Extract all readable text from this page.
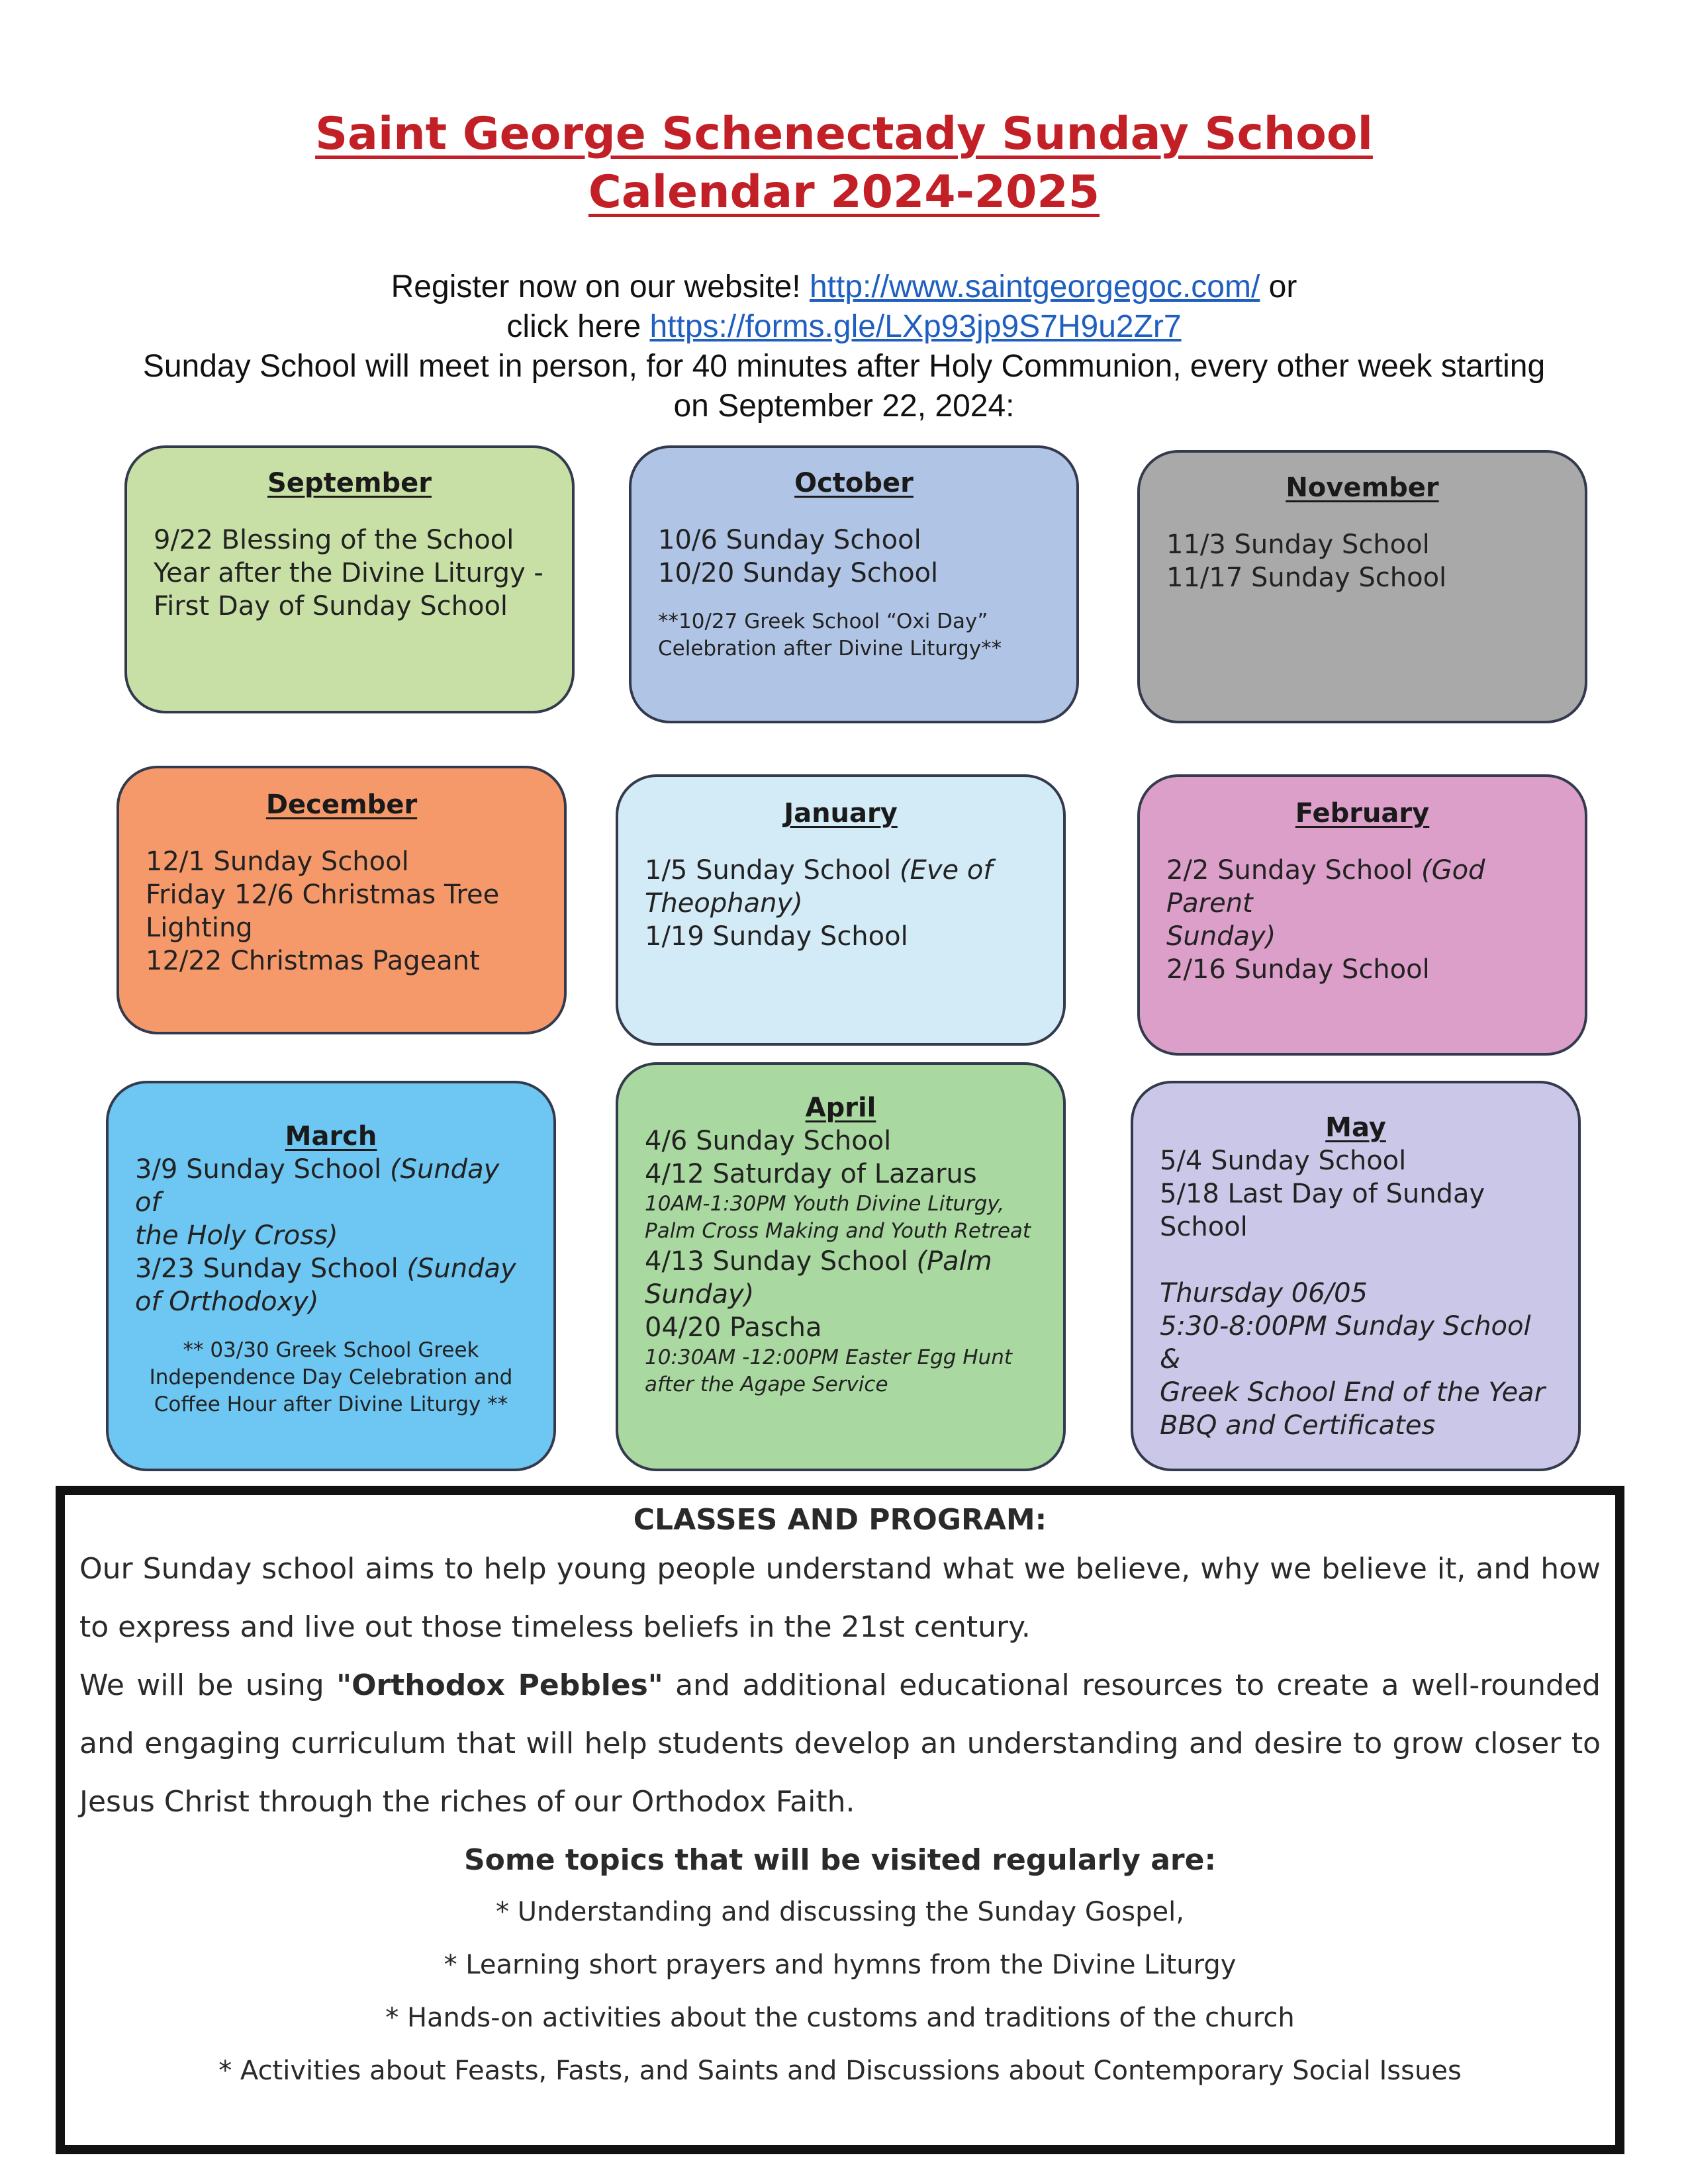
Saint George Schenectady Sunday School
Calendar 2024-2025
Register now on our website! http://www.saintgeorgegoc.com/ or
click here https://forms.gle/LXp93jp9S7H9u2Zr7
Sunday School will meet in person, for 40 minutes after Holy Communion, every other week starting
on September 22, 2024:
September
9/22 Blessing of the School
Year after the Divine Liturgy -
First Day of Sunday School
October
10/6 Sunday School
10/20 Sunday School
**10/27 Greek School “Oxi Day”
Celebration after Divine Liturgy**
November
11/3 Sunday School
11/17 Sunday School
December
12/1 Sunday School
Friday 12/6 Christmas Tree
Lighting
12/22 Christmas Pageant
January
1/5 Sunday School (Eve of
Theophany)
1/19 Sunday School
February
2/2 Sunday School (God Parent
Sunday)
2/16 Sunday School
March
3/9 Sunday School (Sunday of
the Holy Cross)
3/23 Sunday School (Sunday
of Orthodoxy)
** 03/30 Greek School Greek
Independence Day Celebration and
Coffee Hour after Divine Liturgy **
April
4/6 Sunday School
4/12 Saturday of Lazarus
10AM-1:30PM Youth Divine Liturgy,
Palm Cross Making and Youth Retreat
4/13 Sunday School (Palm
Sunday)
04/20 Pascha
10:30AM -12:00PM Easter Egg Hunt
after the Agape Service
May
5/4 Sunday School
5/18 Last Day of Sunday
School
Thursday 06/05
5:30-8:00PM Sunday School &
Greek School End of the Year
BBQ and Certificates
CLASSES AND PROGRAM:
Our Sunday school aims to help young people understand what we believe, why we believe it, and how to express and live out those timeless beliefs in the 21st century.
We will be using "Orthodox Pebbles" and additional educational resources to create a well-rounded and engaging curriculum that will help students develop an understanding and desire to grow closer to Jesus Christ through the riches of our Orthodox Faith.
Some topics that will be visited regularly are:
* Understanding and discussing the Sunday Gospel,
* Learning short prayers and hymns from the Divine Liturgy
* Hands-on activities about the customs and traditions of the church
* Activities about Feasts, Fasts, and Saints and Discussions about Contemporary Social Issues
